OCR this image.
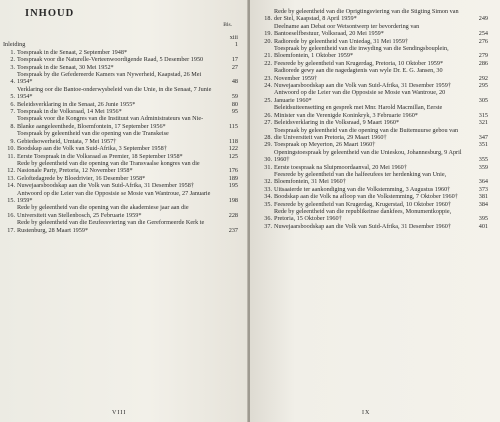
INHOUD
Bls.
xiii
Inleiding	1
1. Toespraak in die Senaat, 2 September 1948*
2. Toespraak voor die Naturelle-Verteenwoordigende Raad, 5 Desember 1950	17
3. Toespraak in die Senaat, 30 Mei 1952*	27
4.
Toespraak by die Gefedereerde Kamers van Nywerheid, Kaapstad, 26 Mei 1954*	48
5.
Verklaring oor die Bantoe-onderwysbeleid van die Unie, in die Senaat, 7 Junie 1954*	59
6. Beleidsverklaring in die Senaat, 26 Junie 1955*	80
7. Toespraak in die Volksraad, 14 Mei 1956*	95
8.
Toespraak voor die Kongres van die Instituut van Administrateurs van Nie-Blanke aangeleenthede, Bloemfontein, 17 September 1956*	115
9.
Toespraak by geleentheid van die opening van die Transkeise Gebiedsowerheid, Umtata, 7 Mei 1957†	118
10. Boodskap aan die Volk van Suid-Afrika, 3 September 1958†	122
11. Eerste Toespraak in die Volksraad as Premier, 18 September 1958*	125
12.
Rede by geleentheid van die opening van die Transvaalse kongres van die Nasionale Party, Pretoria, 12 November 1958*	176
13. Geloftedagrede by Bloedrivier, 16 Desember 1958*	189
14. Nuwejaarsboodskap aan die Volk van Suid-Afrika, 31 Desember 1958†	195
15.
Antwoord op die Leier van die Opposisie se Mosie van Wantroue, 27 Januarie 1959*	198
16.
Rede by geleentheid van die opening van die akademiese jaar aan die Universiteit van Stellenbosch, 25 Februarie 1959*	228
17.
Rede by geleentheid van die Eeufeesviering van die Gereformeerde Kerk te Rustenburg, 28 Maart 1959*	237
VIII
18.
Rede by geleentheid van die Oprigtingsviering van die Stigting Simon van der Stel, Kaapstad, 8 April 1959*	249
19.
Deelname aan Debat oor Wetsontwerp ter bevordering van Bantoeselfbestuur, Volksraad, 20 Mei 1959*	254
20. Radiorede by geleentheid van Uniedag, 31 Mei 1959†	276
21.
Toespraak by geleentheid van die inwyding van die Sendingsbouplein, Bloemfontein, 1 Oktober 1959*	279
22. Feesrede by geleentheid van Krugerdag, Pretoria, 10 Oktober 1959*	286
23.
Radiorede gewy aan die nagedagtenis van wyle Dr. E. G. Jansen, 30 November 1959†	292
24. Nuwejaarsboodskap aan die Volk van Suid-Afrika, 31 Desember 1959†	295
25.
Antwoord op die Leier van die Opposisie se Mosie van Wantroue, 20 Januarie 1960*	305
26.
Beleidsuiteensetting en gesprek met Mnr. Harold Macmillan, Eerste Minister van die Verenigde Koninkryk, 3 Februarie 1960*	315
27. Beleidsverklaring in die Volksraad, 9 Maart 1960*	321
28.
Toespraak by geleentheid van die opening van die Buitemuurse gebou van die Universiteit van Pretoria, 29 Maart 1960†	347
29. Toespraak op Meyerton, 26 Maart 1960†	351
30.
Openingstoespraak by geleentheid van die Unieskou, Johannesburg, 9 April 1960†	355
31. Eerste toespraak na Sluipmoordaanval, 20 Mei 1960†	359
32.
Feesrede by geleentheid van die halfeeufees ter herdenking van Unie, Bloemfontein, 31 Mei 1960†	364
33. Uitsaaierde ter aankondiging van die Volkstemming, 3 Augustus 1960†	373
34. Boodskap aan die Volk na afloop van die Volkstemming, 7 Oktober 1960†	381
35. Feesrede by geleentheid van Krugerdag, Krugerstad, 10 Oktober 1960†	384
36.
Rede by geleentheid van die republikeinse dankfees, Monumentkoppie, Pretoria, 15 Oktober 1960†	395
37. Nuwejaarsboodskap aan die Volk van Suid-Afrika, 31 Desember 1960†	401
IX
